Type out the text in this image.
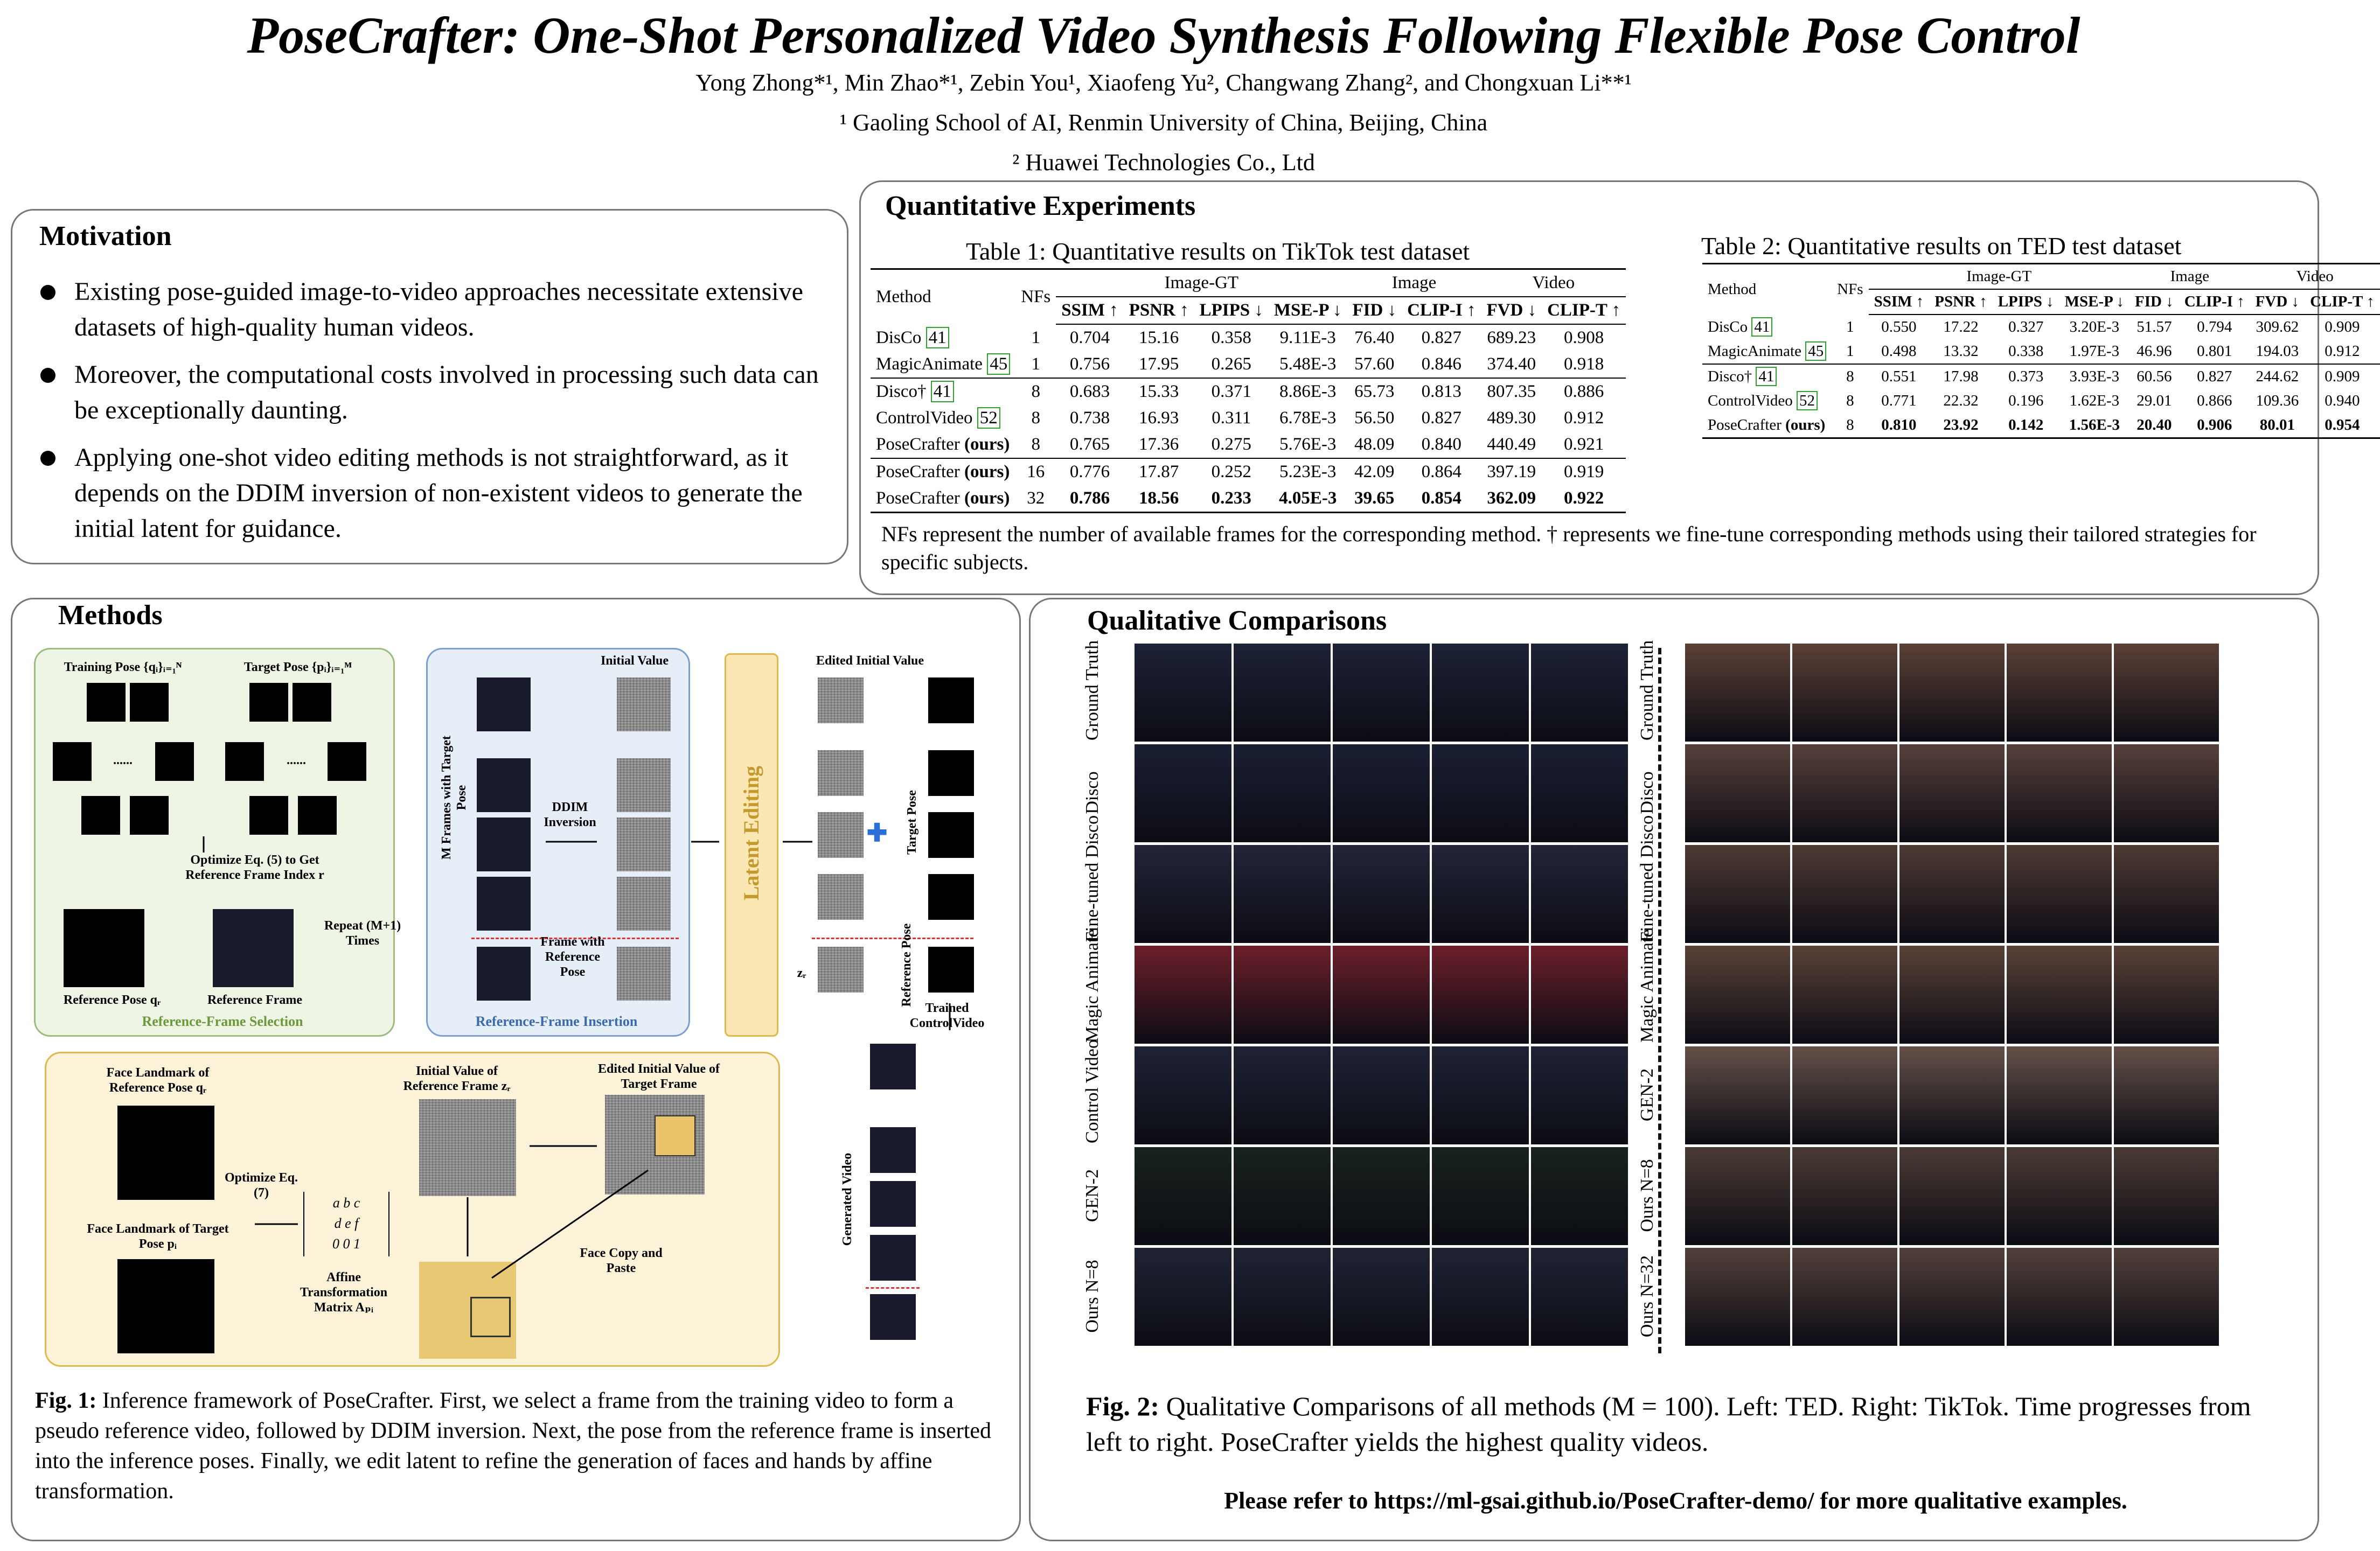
PoseCrafter: One-Shot Personalized Video Synthesis Following Flexible Pose Control
Yong Zhong*¹, Min Zhao*¹, Zebin You¹, Xiaofeng Yu², Changwang Zhang², and Chongxuan Li**¹
¹ Gaoling School of AI, Renmin University of China, Beijing, China
² Huawei Technologies Co., Ltd
Motivation
Existing pose-guided image-to-video approaches necessitate extensive datasets of high-quality human videos.
Moreover, the computational costs involved in processing such data can be exceptionally daunting.
Applying one-shot video editing methods is not straightforward, as it depends on the DDIM inversion of non-existent videos to generate the initial latent for guidance.
Quantitative Experiments
Table 1: Quantitative results on TikTok test dataset
Method	NFs	Image-GT				Image		Video	
		SSIM ↑	PSNR ↑	LPIPS ↓	MSE-P ↓	FID ↓	CLIP-I ↑	FVD ↓	CLIP-T ↑
DisCo 41	1	0.704	15.16	0.358	9.11E-3	76.40	0.827	689.23	0.908
MagicAnimate 45	1	0.756	17.95	0.265	5.48E-3	57.60	0.846	374.40	0.918
Disco† 41	8	0.683	15.33	0.371	8.86E-3	65.73	0.813	807.35	0.886
ControlVideo 52	8	0.738	16.93	0.311	6.78E-3	56.50	0.827	489.30	0.912
PoseCrafter (ours)	8	0.765	17.36	0.275	5.76E-3	48.09	0.840	440.49	0.921
PoseCrafter (ours)	16	0.776	17.87	0.252	5.23E-3	42.09	0.864	397.19	0.919
PoseCrafter (ours)	32	0.786	18.56	0.233	4.05E-3	39.65	0.854	362.09	0.922
Table 2: Quantitative results on TED test dataset
Method	NFs	Image-GT				Image		Video	
		SSIM ↑	PSNR ↑	LPIPS ↓	MSE-P ↓	FID ↓	CLIP-I ↑	FVD ↓	CLIP-T ↑
DisCo 41	1	0.550	17.22	0.327	3.20E-3	51.57	0.794	309.62	0.909
MagicAnimate 45	1	0.498	13.32	0.338	1.97E-3	46.96	0.801	194.03	0.912
Disco† 41	8	0.551	17.98	0.373	3.93E-3	60.56	0.827	244.62	0.909
ControlVideo 52	8	0.771	22.32	0.196	1.62E-3	29.01	0.866	109.36	0.940
PoseCrafter (ours)	8	0.810	23.92	0.142	1.56E-3	20.40	0.906	80.01	0.954
NFs represent the number of available frames for the corresponding method. † represents we fine-tune corresponding methods using their tailored strategies for specific subjects.
Methods
Training Pose {qᵢ}ᵢ₌₁ᴺ	Target Pose {pᵢ}ᵢ₌₁ᴹ
......	......
Optimize Eq. (5) to Get Reference Frame Index r
Reference Pose qᵣ	Reference Frame
Repeat (M+1) Times
Reference-Frame Selection
Initial Value
M Frames with Target Pose	DDIM Inversion
Frame with Reference Pose
Reference-Frame Insertion
Latent Editing
Edited Initial Value
zᵣ
✚	Target Pose
Reference Pose
Trained ControlVideo
Generated Video
Face Landmark of Reference Pose qᵣ
Face Landmark of Target Pose pᵢ
Optimize Eq. (7)
a b c
d e f
0 0 1
Affine Transformation Matrix Aₚᵢ
Initial Value of Reference Frame zᵣ
Edited Initial Value of Target Frame
Face Copy and Paste
Fig. 1: Inference framework of PoseCrafter. First, we select a frame from the training video to form a pseudo reference video, followed by DDIM inversion. Next, the pose from the reference frame is inserted into the inference poses. Finally, we edit latent to refine the generation of faces and hands by affine transformation.
Qualitative Comparisons
Fig. 2: Qualitative Comparisons of all methods (M = 100). Left: TED. Right: TikTok. Time progresses from left to right. PoseCrafter yields the highest quality videos.
Please refer to https://ml-gsai.github.io/PoseCrafter-demo/ for more qualitative examples.
Ground Truth
Disco
Fine-tuned Disco
Magic Animate
Control Video
GEN-2
Ours N=8
Ground Truth
Disco
Fine-tuned Disco
Magic Animate
GEN-2
Ours N=8
Ours N=32
